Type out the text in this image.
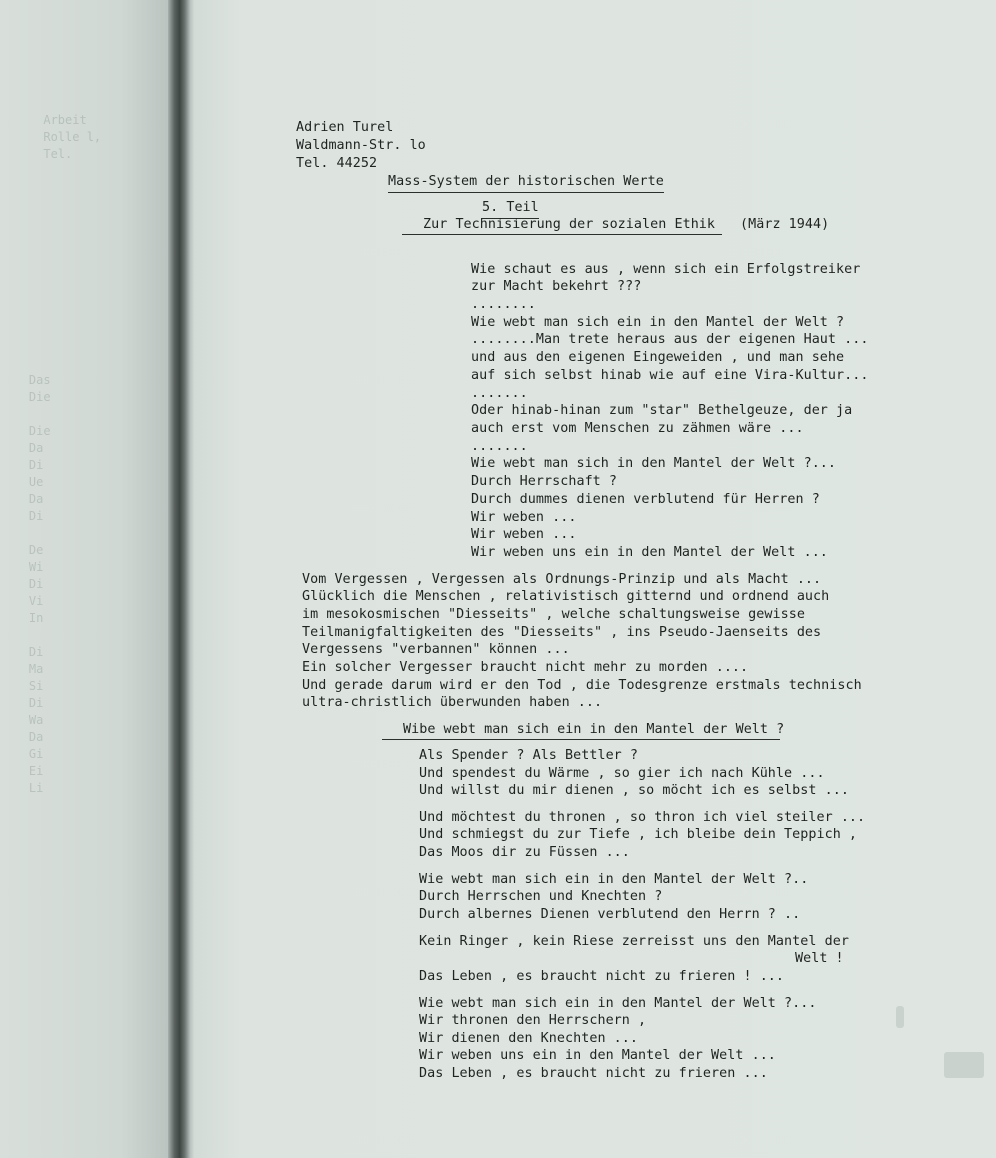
Arbeit
Rolle l,
Tel.
Das
Die

Die
Da
Di
Ue
Da
Di

De
Wi
Di
Vi
In

Di
Ma
Si
Di
Wa
Da
Gi
Ei
Li
Adrien Turel
Waldmann-Str. lo
Tel. 44252
Mass-System der historischen Werte
5. Teil
Zur Technisierung der sozialen Ethik (März 1944)
Wie schaut es aus , wenn sich ein Erfolgstreiker
zur Macht bekehrt ???
........
Wie webt man sich ein in den Mantel der Welt ?
........Man trete heraus aus der eigenen Haut ...
und aus den eigenen Eingeweiden , und man sehe
auf sich selbst hinab wie auf eine Vira-Kultur...
.......
Oder hinab-hinan zum "star" Bethelgeuze, der ja
auch erst vom Menschen zu zähmen wäre ...
.......
Wie webt man sich in den Mantel der Welt ?...
Durch Herrschaft ?
Durch dummes dienen verblutend für Herren ?
Wir weben ...
Wir weben ...
Wir weben uns ein in den Mantel der Welt ...
Vom Vergessen , Vergessen als Ordnungs-Prinzip und als Macht ...
Glücklich die Menschen , relativistisch gitternd und ordnend auch
im mesokosmischen "Diesseits" , welche schaltungsweise gewisse
Teilmanigfaltigkeiten des "Diesseits" , ins Pseudo-Jaenseits des
Vergessens "verbannen" können ...
Ein solcher Vergesser braucht nicht mehr zu morden ....
Und gerade darum wird er den Tod , die Todesgrenze erstmals technisch
ultra-christlich überwunden haben ...
Wibe webt man sich ein in den Mantel der Welt ?
Als Spender ? Als Bettler ?
Und spendest du Wärme , so gier ich nach Kühle ...
Und willst du mir dienen , so möcht ich es selbst ...
Und möchtest du thronen , so thron ich viel steiler ...
Und schmiegst du zur Tiefe , ich bleibe dein Teppich ,
Das Moos dir zu Füssen ...
Wie webt man sich ein in den Mantel der Welt ?..
Durch Herrschen und Knechten ?
Durch albernes Dienen verblutend den Herrn ? ..
Kein Ringer , kein Riese zerreisst uns den Mantel der
Welt !
Das Leben , es braucht nicht zu frieren ! ...
Wie webt man sich ein in den Mantel der Welt ?...
Wir thronen den Herrschern ,
Wir dienen den Knechten ...
Wir weben uns ein in den Mantel der Welt ...
Das Leben , es braucht nicht zu frieren ...
